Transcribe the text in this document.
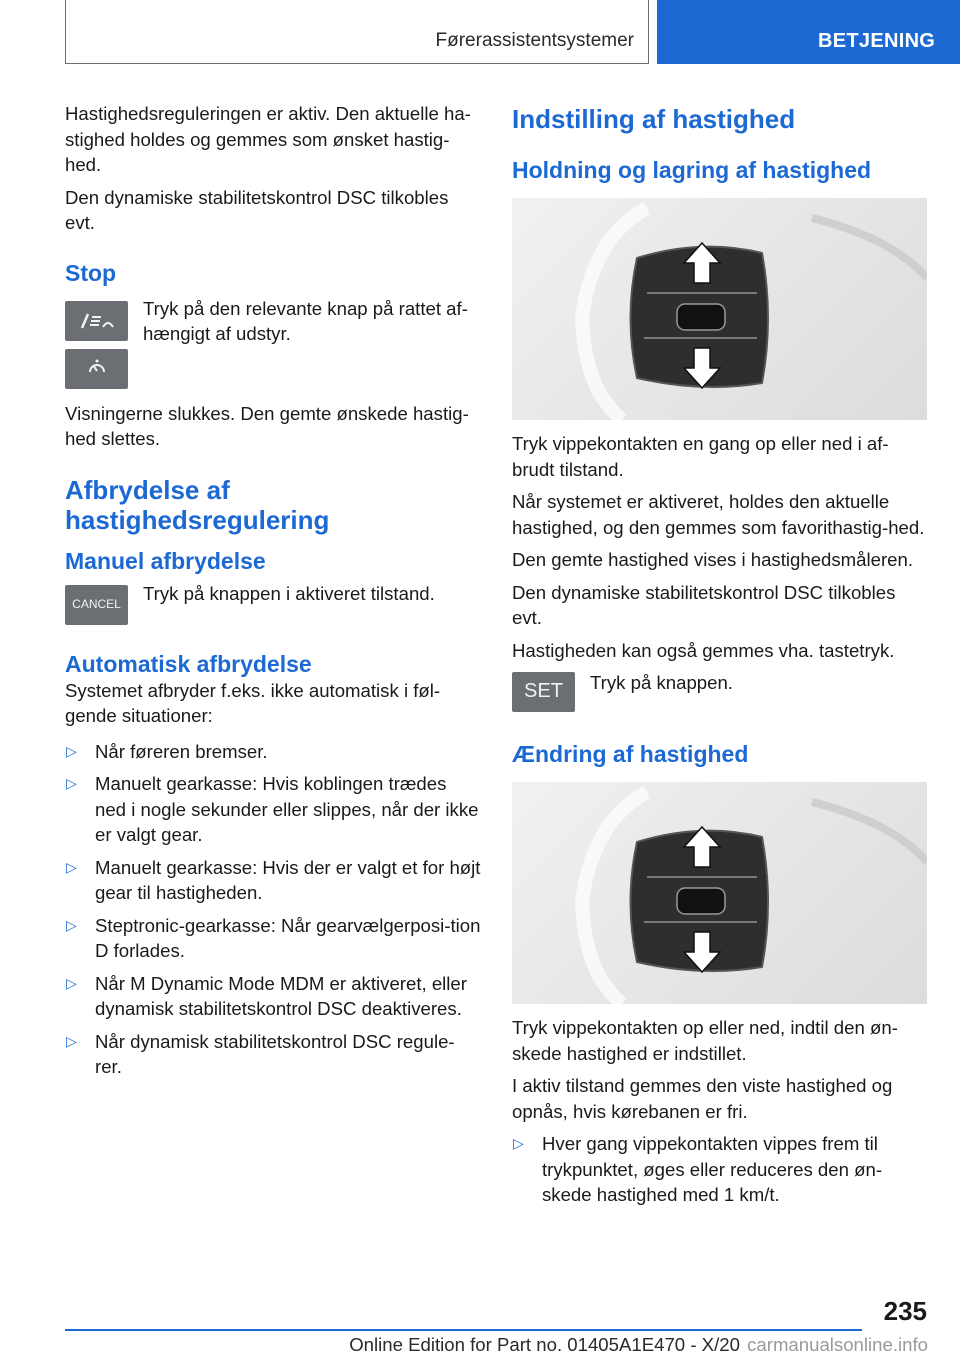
Førerassistentsystemer	BETJENING

Hastighedsreguleringen er aktiv. Den aktuelle ha-stighed holdes og gemmes som ønsket hastig-hed.

Den dynamiske stabilitetskontrol DSC tilkobles evt.

Stop
Tryk på den relevante knap på rattet af-hængigt af udstyr.

Visningerne slukkes. Den gemte ønskede hastig-hed slettes.

Afbrydelse af hastighedsregulering
Manuel afbrydelse
CANCEL
Tryk på knappen i aktiveret tilstand.
Automatisk afbrydelse

Systemet afbryder f.eks. ikke automatisk i føl-gende situationer:

▷ Når føreren bremser.
▷ Manuelt gearkasse: Hvis koblingen trædes ned i nogle sekunder eller slippes, når der ikke er valgt gear.
▷ Manuelt gearkasse: Hvis der er valgt et for højt gear til hastigheden.
▷ Steptronic-gearkasse: Når gearvælgerposi-tion D forlades.
▷ Når M Dynamic Mode MDM er aktiveret, eller dynamisk stabilitetskontrol DSC deaktiveres.
▷ Når dynamisk stabilitetskontrol DSC regule-rer.
Indstilling af hastighed
Holdning og lagring af hastighed

Tryk vippekontakten en gang op eller ned i af-brudt tilstand.

Når systemet er aktiveret, holdes den aktuelle hastighed, og den gemmes som favorithastig-hed.

Den gemte hastighed vises i hastighedsmåleren.

Den dynamiske stabilitetskontrol DSC tilkobles evt.

Hastigheden kan også gemmes vha. tastetryk.

SET Tryk på knappen.
Ændring af hastighed

Tryk vippekontakten op eller ned, indtil den øn-skede hastighed er indstillet.

I aktiv tilstand gemmes den viste hastighed og opnås, hvis kørebanen er fri.

▷ Hver gang vippekontakten vippes frem til trykpunktet, øges eller reduceres den øn-skede hastighed med 1 km/t.
235
Online Edition for Part no. 01405A1E470 - X/20 carmanualsonline.info
